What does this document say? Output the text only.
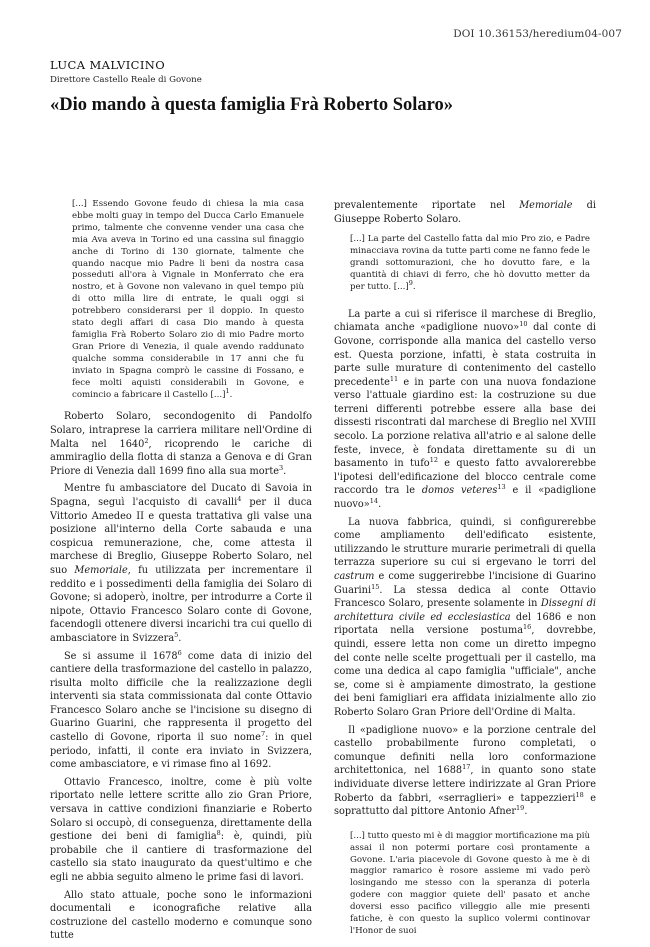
DOI 10.36153/heredium04-007
LUCA MALVICINO
Direttore Castello Reale di Govone
«Dio mando à questa famiglia Frà Roberto Solaro»

[...] Essendo Govone feudo di chiesa la mia casa ebbe molti guay in tempo del Ducca Carlo Emanuele primo, talmente che convenne vender una casa che mia Ava aveva in Torino ed una cassina sul finaggio anche di Torino di 130 giornate, talmente che quando nacque mio Padre li beni da nostra casa posseduti all'ora à Vignale in Monferrato che era nostro, et à Govone non valevano in quel tempo più di otto milla lire di entrate, le quali oggi si potrebbero considerarsi per il doppio. In questo stato degli affari di casa Dio mando à questa famiglia Frà Roberto Solaro zio di mio Padre morto Gran Priore di Venezia, il quale avendo raddunato qualche somma considerabile in 17 anni che fu inviato in Spagna comprò le cassine di Fossano, e fece molti aquisti considerabili in Govone, e comincio a fabricare il Castello [...]$^1$.

Roberto Solaro, secondogenito di Pandolfo Solaro, intraprese la carriera militare nell'Ordine di Malta nel 1640$^2$, ricoprendo le cariche di ammiraglio della flotta di stanza a Genova e di Gran Priore di Venezia dall 1699 fino alla sua morte$^3$.

Mentre fu ambasciatore del Ducato di Savoia in Spagna, seguì l'acquisto di cavalli$^4$ per il duca Vittorio Amedeo II e questa trattativa gli valse una posizione all'interno della Corte sabauda e una cospicua remunerazione, che, come attesta il marchese di Breglio, Giuseppe Roberto Solaro, nel suo Memoriale, fu utilizzata per incrementare il reddito e i possedimenti della famiglia dei Solaro di Govone; si adoperò, inoltre, per introdurre a Corte il nipote, Ottavio Francesco Solaro conte di Govone, facendogli ottenere diversi incarichi tra cui quello di ambasciatore in Svizzera$^5$.

Se si assume il 1678$^6$ come data di inizio del cantiere della trasformazione del castello in palazzo, risulta molto difficile che la realizzazione degli interventi sia stata commissionata dal conte Ottavio Francesco Solaro anche se l'incisione su disegno di Guarino Guarini, che rappresenta il progetto del castello di Govone, riporta il suo nome$^7$: in quel periodo, infatti, il conte era inviato in Svizzera, come ambasciatore, e vi rimase fino al 1692.

Ottavio Francesco, inoltre, come è più volte riportato nelle lettere scritte allo zio Gran Priore, versava in cattive condizioni finanziarie e Roberto Solaro si occupò, di conseguenza, direttamente della gestione dei beni di famiglia$^8$: è, quindi, più probabile che il cantiere di trasformazione del castello sia stato inaugurato da quest'ultimo e che egli ne abbia seguito almeno le prime fasi di lavori.

Allo stato attuale, poche sono le informazioni documentali e iconografiche relative alla costruzione del castello moderno e comunque sono tutte

prevalentemente riportate nel Memoriale di Giuseppe Roberto Solaro.

[...] La parte del Castello fatta dal mio Pro zio, e Padre minacciava rovina da tutte parti come ne fanno fede le grandi sottomurazioni, che ho dovutto fare, e la quantità di chiavi di ferro, che hò dovutto metter da per tutto. [...]$^9$.

La parte a cui si riferisce il marchese di Breglio, chiamata anche «padiglione nuovo»$^{10}$ dal conte di Govone, corrisponde alla manica del castello verso est. Questa porzione, infatti, è stata costruita in parte sulle murature di contenimento del castello precedente$^{11}$ e in parte con una nuova fondazione verso l'attuale giardino est: la costruzione su due terreni differenti potrebbe essere alla base dei dissesti riscontrati dal marchese di Breglio nel XVIII secolo. La porzione relativa all'atrio e al salone delle feste, invece, è fondata direttamente su di un basamento in tufo$^{12}$ e questo fatto avvalorerebbe l'ipotesi dell'edificazione del blocco centrale come raccordo tra le domos veteres$^{13}$ e il «padiglione nuovo»$^{14}$.

La nuova fabbrica, quindi, si configurerebbe come ampliamento dell'edificato esistente, utilizzando le strutture murarie perimetrali di quella terrazza superiore su cui si ergevano le torri del castrum e come suggerirebbe l'incisione di Guarino Guarini$^{15}$. La stessa dedica al conte Ottavio Francesco Solaro, presente solamente in Dissegni di architettura civile ed ecclesiastica del 1686 e non riportata nella versione postuma$^{16}$, dovrebbe, quindi, essere letta non come un diretto impegno del conte nelle scelte progettuali per il castello, ma come una dedica al capo famiglia "ufficiale", anche se, come si è ampiamente dimostrato, la gestione dei beni famigliari era affidata inizialmente allo zio Roberto Solaro Gran Priore dell'Ordine di Malta.

Il «padiglione nuovo» e la porzione centrale del castello probabilmente furono completati, o comunque definiti nella loro conformazione architettonica, nel 1688$^{17}$, in quanto sono state individuate diverse lettere indirizzate al Gran Priore Roberto da fabbri, «serraglieri» e tappezzieri$^{18}$ e soprattutto dal pittore Antonio Afner$^{19}$.

[...] tutto questo mi è di maggior mortificazione ma più assai il non potermi portare così prontamente a Govone. L'aria piacevole di Govone questo à me è di maggior ramarico è rosore assieme mi vado però losingando me stesso con la speranza di poterla godere con maggior quiete dell' pasato et anche doversi esso pacifico villeggio alle mie presenti fatiche, è con questo la suplico volermi continovar l'Honor de suoi
